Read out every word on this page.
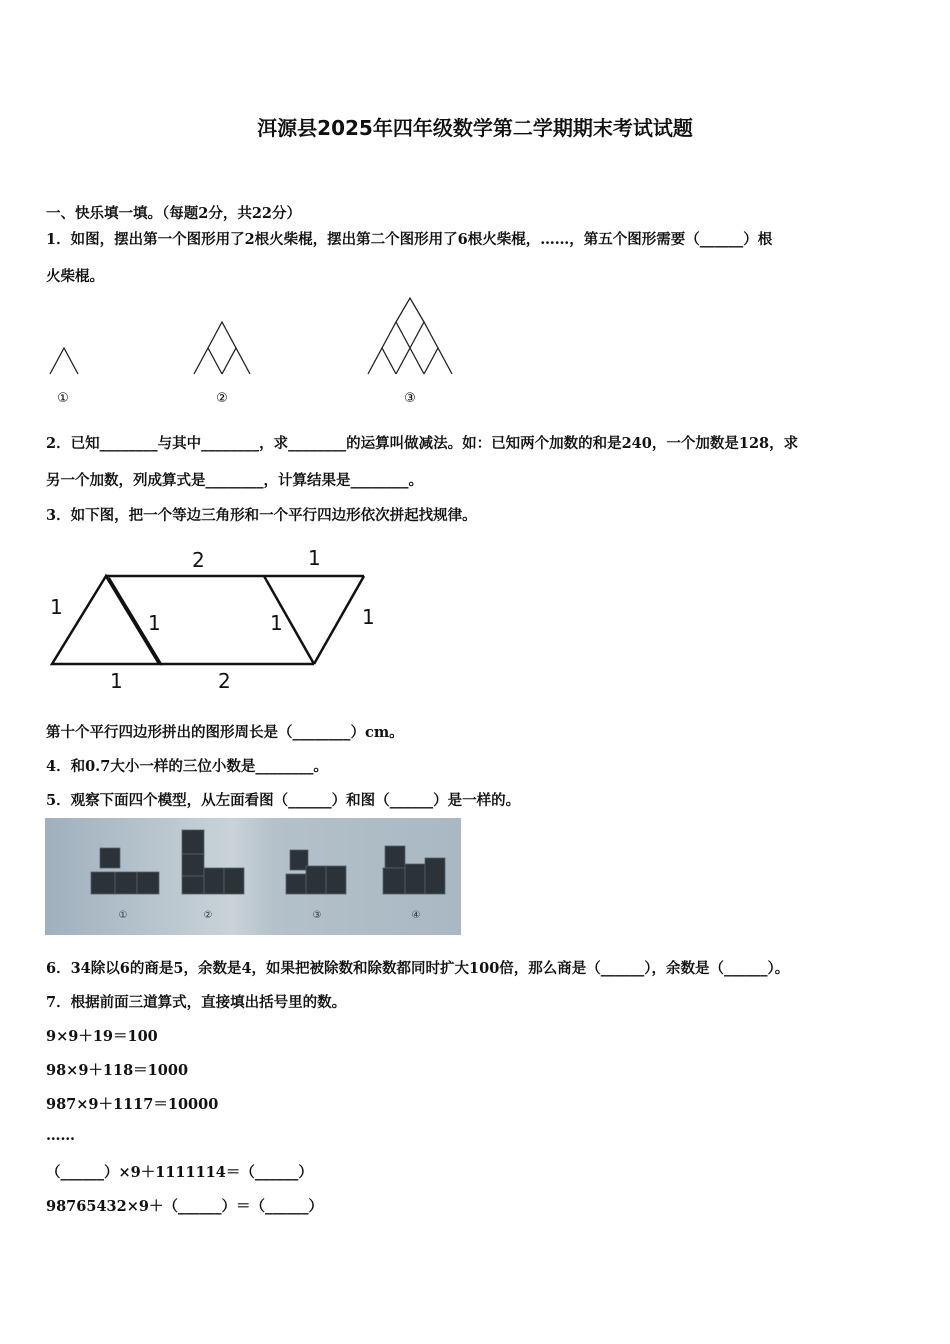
洱源县2025年四年级数学第二学期期末考试试题
一、快乐填一填。（每题2分，共22分）
1．如图，摆出第一个图形用了2根火柴棍，摆出第二个图形用了6根火柴棍，……，第五个图形需要（______）根
火柴棍。
①	②	③
2．已知________与其中________，求________的运算叫做减法。如：已知两个加数的和是240，一个加数是128，求
另一个加数，列成算式是________，计算结果是________。
3．如下图，把一个等边三角形和一个平行四边形依次拼起找规律。
2	1
1
1	1	1
1	2
第十个平行四边形拼出的图形周长是（________）cm。
4．和0.7大小一样的三位小数是________。
5．观察下面四个模型，从左面看图（______）和图（______）是一样的。
①	②	③	④
6．34除以6的商是5，余数是4，如果把被除数和除数都同时扩大100倍，那么商是（______），余数是（______）。
7．根据前面三道算式，直接填出括号里的数。
9×9＋19＝100
98×9＋118＝1000
987×9＋1117＝10000
……
（______）×9＋1111114＝（______）
98765432×9＋（______）＝（______）
